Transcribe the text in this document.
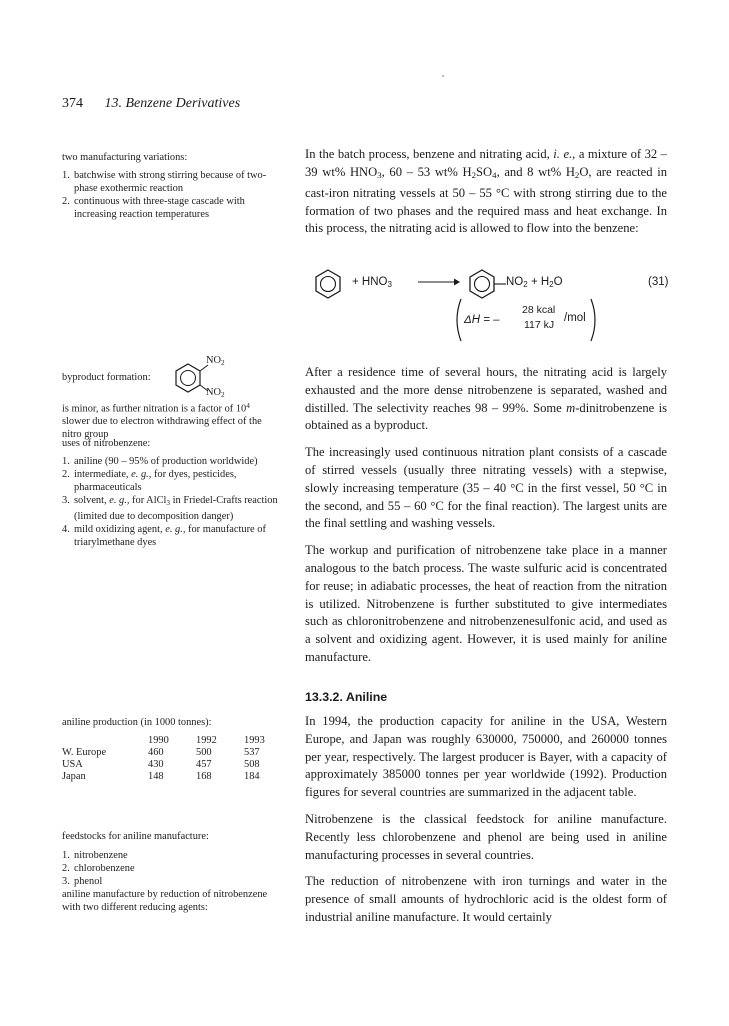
374 13. Benzene Derivatives
two manufacturing variations:
1. batchwise with strong stirring because of two-phase exothermic reaction
2. continuous with three-stage cascade with increasing reaction temperatures

In the batch process, benzene and nitrating acid, i. e., a mixture of 32 – 39 wt% $HNO_3$, 60 – 53 wt% $H_2SO_4$, and 8 wt% $H_2O$, are reacted in cast-iron nitrating vessels at 50 – 55 °C with strong stirring due to the formation of two phases and the required mass and heat exchange. In this process, the nitrating acid is allowed to flow into the benzene:

+ $HNO_3$	$NO_2 + H_2O$	(31)
ΔH = –
28 kcal
117 kJ
/mol
byproduct formation:
$NO_2$
$NO_2$
is minor, as further nitration is a factor of $10^4$ slower due to electron withdrawing effect of the nitro group
uses of nitrobenzene:
1. aniline (90 – 95% of production worldwide)
2. intermediate, e. g., for dyes, pesticides, pharmaceuticals
3. solvent, e. g., for AlCl$_3$ in Friedel-Crafts reaction (limited due to decomposition danger)
4. mild oxidizing agent, e. g., for manufacture of triarylmethane dyes

After a residence time of several hours, the nitrating acid is largely exhausted and the more dense nitrobenzene is separated, washed and distilled. The selectivity reaches 98 – 99%. Some m-dinitrobenzene is obtained as a byproduct.

The increasingly used continuous nitration plant consists of a cascade of stirred vessels (usually three nitrating vessels) with a stepwise, slowly increasing temperature (35 – 40 °C in the first vessel, 50 °C in the second, and 55 – 60 °C for the final reaction). The largest units are the final settling and washing vessels.

The workup and purification of nitrobenzene take place in a manner analogous to the batch process. The waste sulfuric acid is concentrated for reuse; in adiabatic processes, the heat of reaction from the nitration is utilized. Nitrobenzene is further substituted to give intermediates such as chloronitrobenzene and nitrobenzenesulfonic acid, and used as a solvent and oxidizing agent. However, it is used mainly for aniline manufacture.

13.3.2. Aniline
aniline production (in 1000 tonnes):
	1990	1992	1993
W. Europe	460	500	537
USA	430	457	508
Japan	148	168	184

In 1994, the production capacity for aniline in the USA, Western Europe, and Japan was roughly 630000, 750000, and 260000 tonnes per year, respectively. The largest producer is Bayer, with a capacity of approximately 385000 tonnes per year worldwide (1992). Production figures for several countries are summarized in the adjacent table.

Nitrobenzene is the classical feedstock for aniline manufacture. Recently less chlorobenzene and phenol are being used in aniline manufacturing processes in several countries.

The reduction of nitrobenzene with iron turnings and water in the presence of small amounts of hydrochloric acid is the oldest form of industrial aniline manufacture. It would certainly

feedstocks for aniline manufacture:
1. nitrobenzene
2. chlorobenzene
3. phenol
aniline manufacture by reduction of nitrobenzene with two different reducing agents:
